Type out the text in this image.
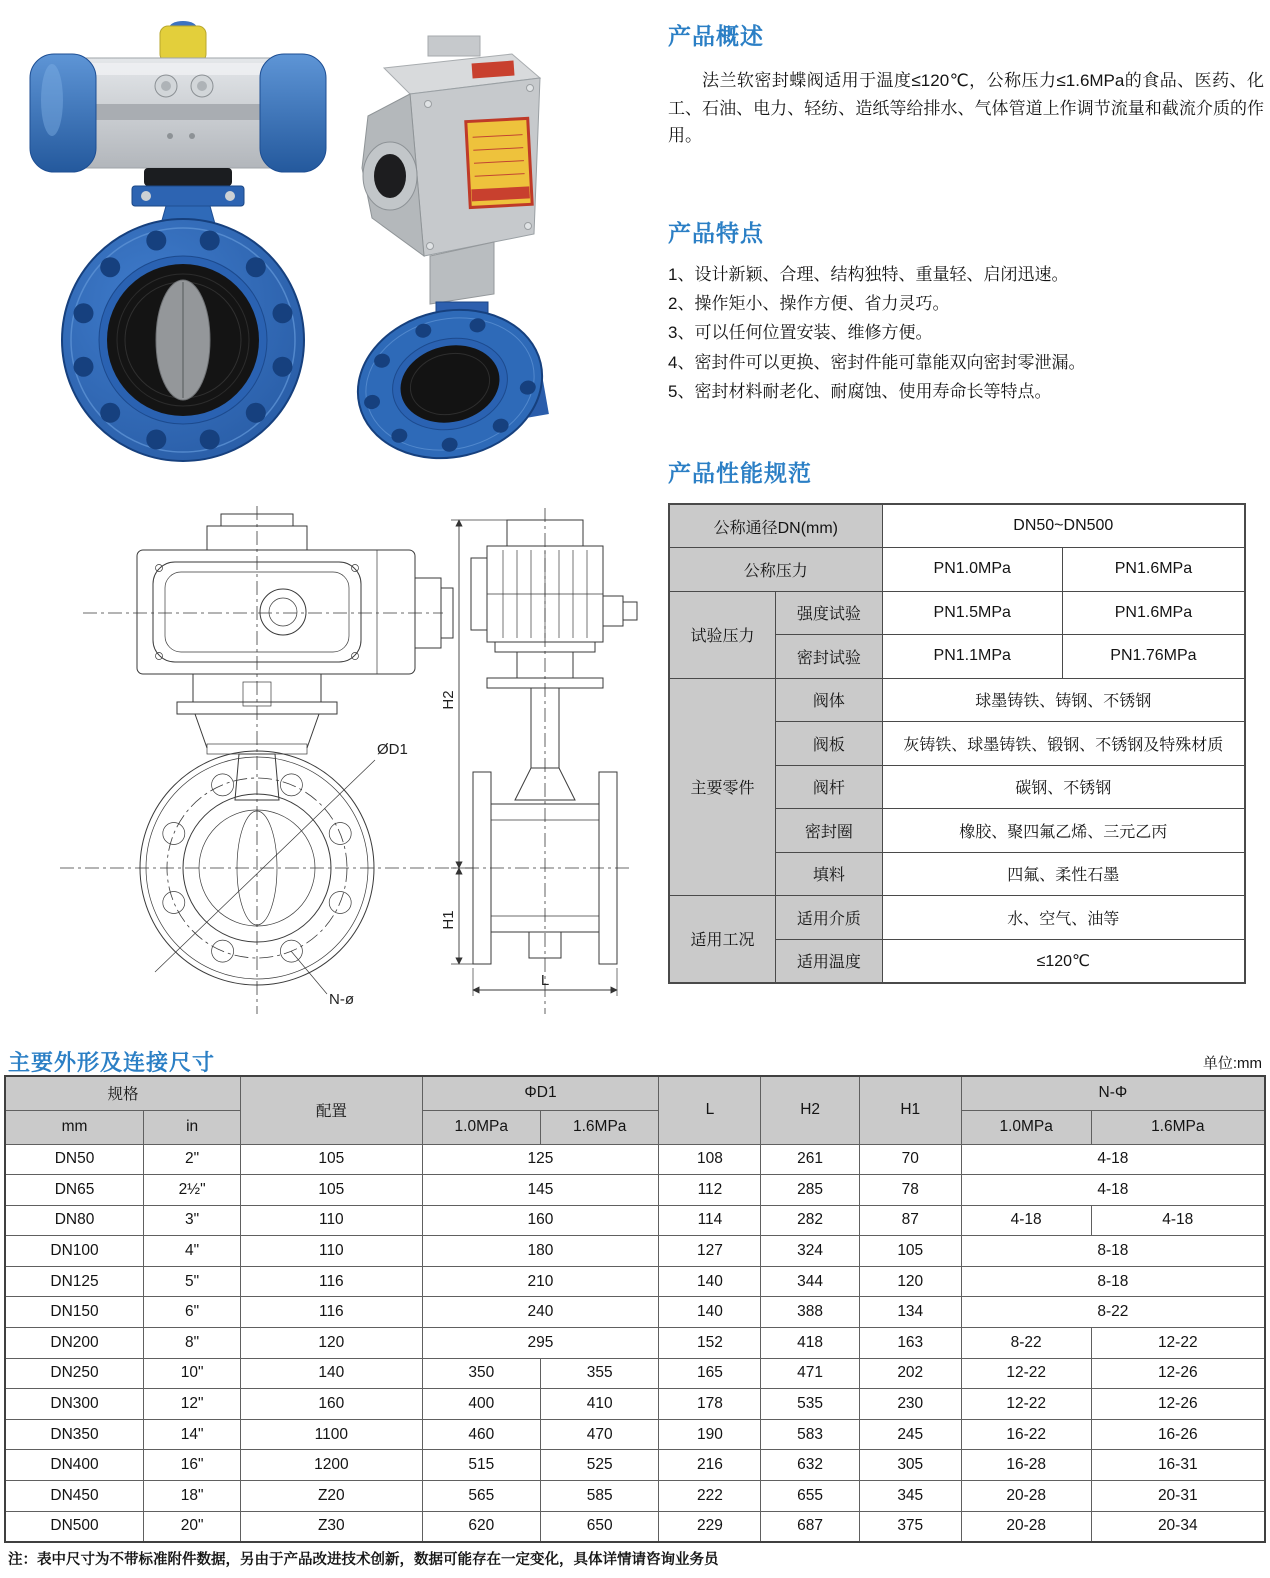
ØD1
N-ø
H2
H1
L
产品概述

法兰软密封蝶阀适用于温度≤120℃，公称压力≤1.6MPa的食品、医药、化工、石油、电力、轻纺、造纸等给排水、气体管道上作调节流量和截流介质的作用。

产品特点
1、设计新颖、合理、结构独特、重量轻、启闭迅速。
2、操作矩小、操作方便、省力灵巧。
3、可以任何位置安装、维修方便。
4、密封件可以更换、密封件能可靠能双向密封零泄漏。
5、密封材料耐老化、耐腐蚀、使用寿命长等特点。
产品性能规范
公称通径DN(mm)		DN50~DN500	
公称压力		PN1.0MPa	PN1.6MPa
试验压力	强度试验	PN1.5MPa	PN1.6MPa
	密封试验	PN1.1MPa	PN1.76MPa
主要零件	阀体	球墨铸铁、铸钢、不锈钢	
	阀板	灰铸铁、球墨铸铁、锻钢、不锈钢及特殊材质	
	阀杆	碳钢、不锈钢	
	密封圈	橡胶、聚四氟乙烯、三元乙丙	
	填料	四氟、柔性石墨	
适用工况	适用介质	水、空气、油等	
	适用温度	≤120℃	
主要外形及连接尺寸	单位:mm
规格		配置	ΦD1		L	H2	H1	N-Φ	
mm	in		1.0MPa	1.6MPa				1.0MPa	1.6MPa
DN50	2"	105	125		108	261	70	4-18	
DN65	2½"	105	145		112	285	78	4-18	
DN80	3"	110	160		114	282	87	4-18	4-18
DN100	4"	110	180		127	324	105	8-18	
DN125	5"	116	210		140	344	120	8-18	
DN150	6"	116	240		140	388	134	8-22	
DN200	8"	120	295		152	418	163	8-22	12-22
DN250	10"	140	350	355	165	471	202	12-22	12-26
DN300	12"	160	400	410	178	535	230	12-22	12-26
DN350	14"	1100	460	470	190	583	245	16-22	16-26
DN400	16"	1200	515	525	216	632	305	16-28	16-31
DN450	18"	Z20	565	585	222	655	345	20-28	20-31
DN500	20"	Z30	620	650	229	687	375	20-28	20-34

注：表中尺寸为不带标准附件数据，另由于产品改进技术创新，数据可能存在一定变化，具体详情请咨询业务员
